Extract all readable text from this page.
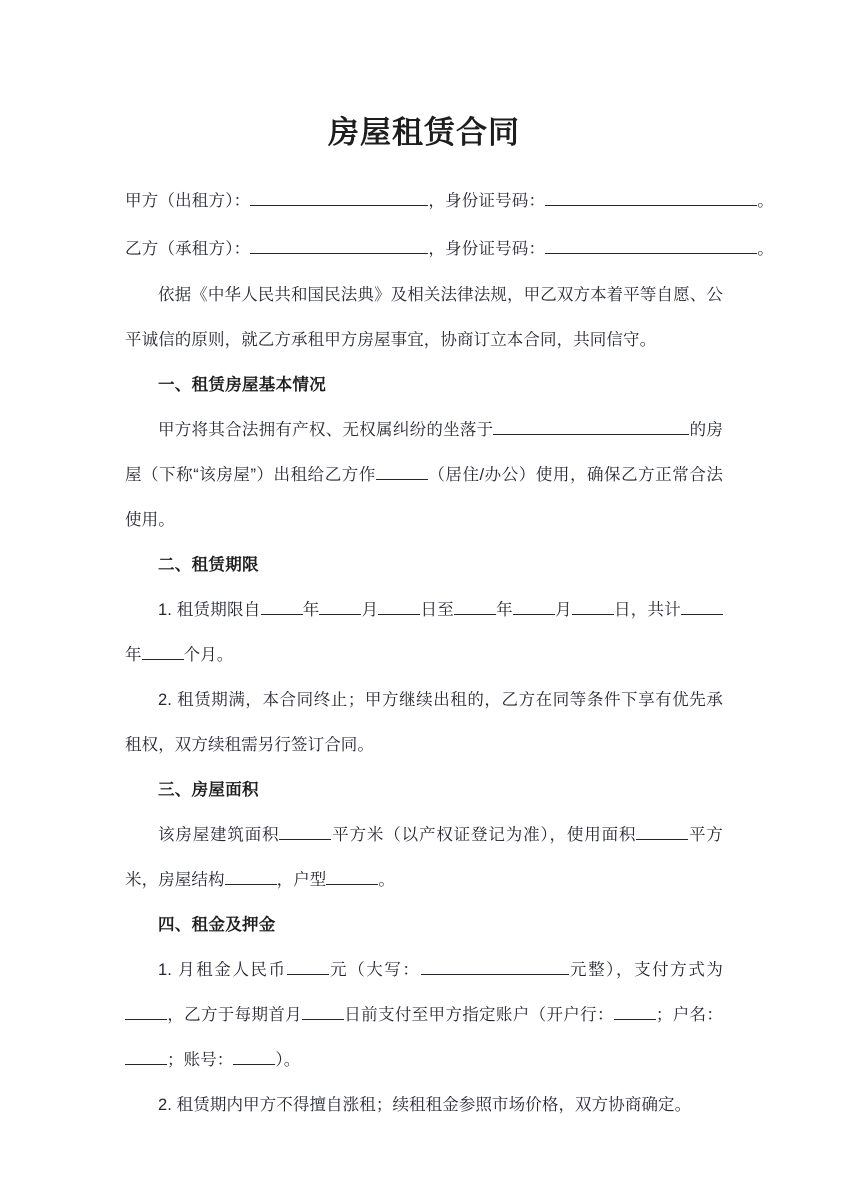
房屋租赁合同
甲方（出租方）：	，身份证号码：	。
乙方（承租方）：	，身份证号码：	。

依据《中华人民共和国民法典》及相关法律法规，甲乙双方本着平等自愿、公平诚信的原则，就乙方承租甲方房屋事宜，协商订立本合同，共同信守。

一、租赁房屋基本情况

甲方将其合法拥有产权、无权属纠纷的坐落于	的房屋（下称“该房屋”）出租给乙方作	（居住/办公）使用，确保乙方正常合法使用。

二、租赁期限

1. 租赁期限自	年	月	日至	年	月	日，共计年	个月。

2. 租赁期满，本合同终止；甲方继续出租的，乙方在同等条件下享有优先承租权，双方续租需另行签订合同。

三、房屋面积

该房屋建筑面积	平方米（以产权证登记为准），使用面积	平方米，房屋结构	，户型	。

四、租金及押金

1. 月租金人民币	元（大写：	元整），支付方式为，乙方于每期首月	日前支付至甲方指定账户（开户行：	；户名：；账号：	）。

2. 租赁期内甲方不得擅自涨租；续租租金参照市场价格，双方协商确定。
